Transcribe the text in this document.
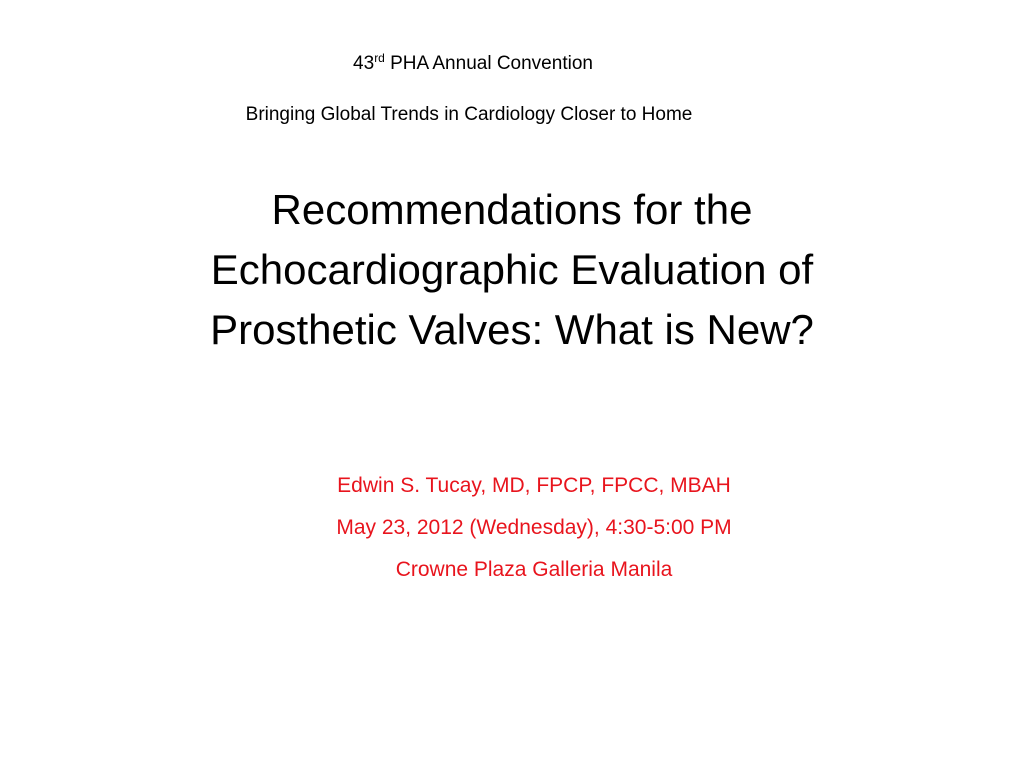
43rd PHA Annual Convention
Bringing Global Trends in Cardiology Closer to Home
Recommendations for the
Echocardiographic Evaluation of
Prosthetic Valves: What is New?
Edwin S. Tucay, MD, FPCP, FPCC, MBAH
May 23, 2012 (Wednesday), 4:30-5:00 PM
Crowne Plaza Galleria Manila
